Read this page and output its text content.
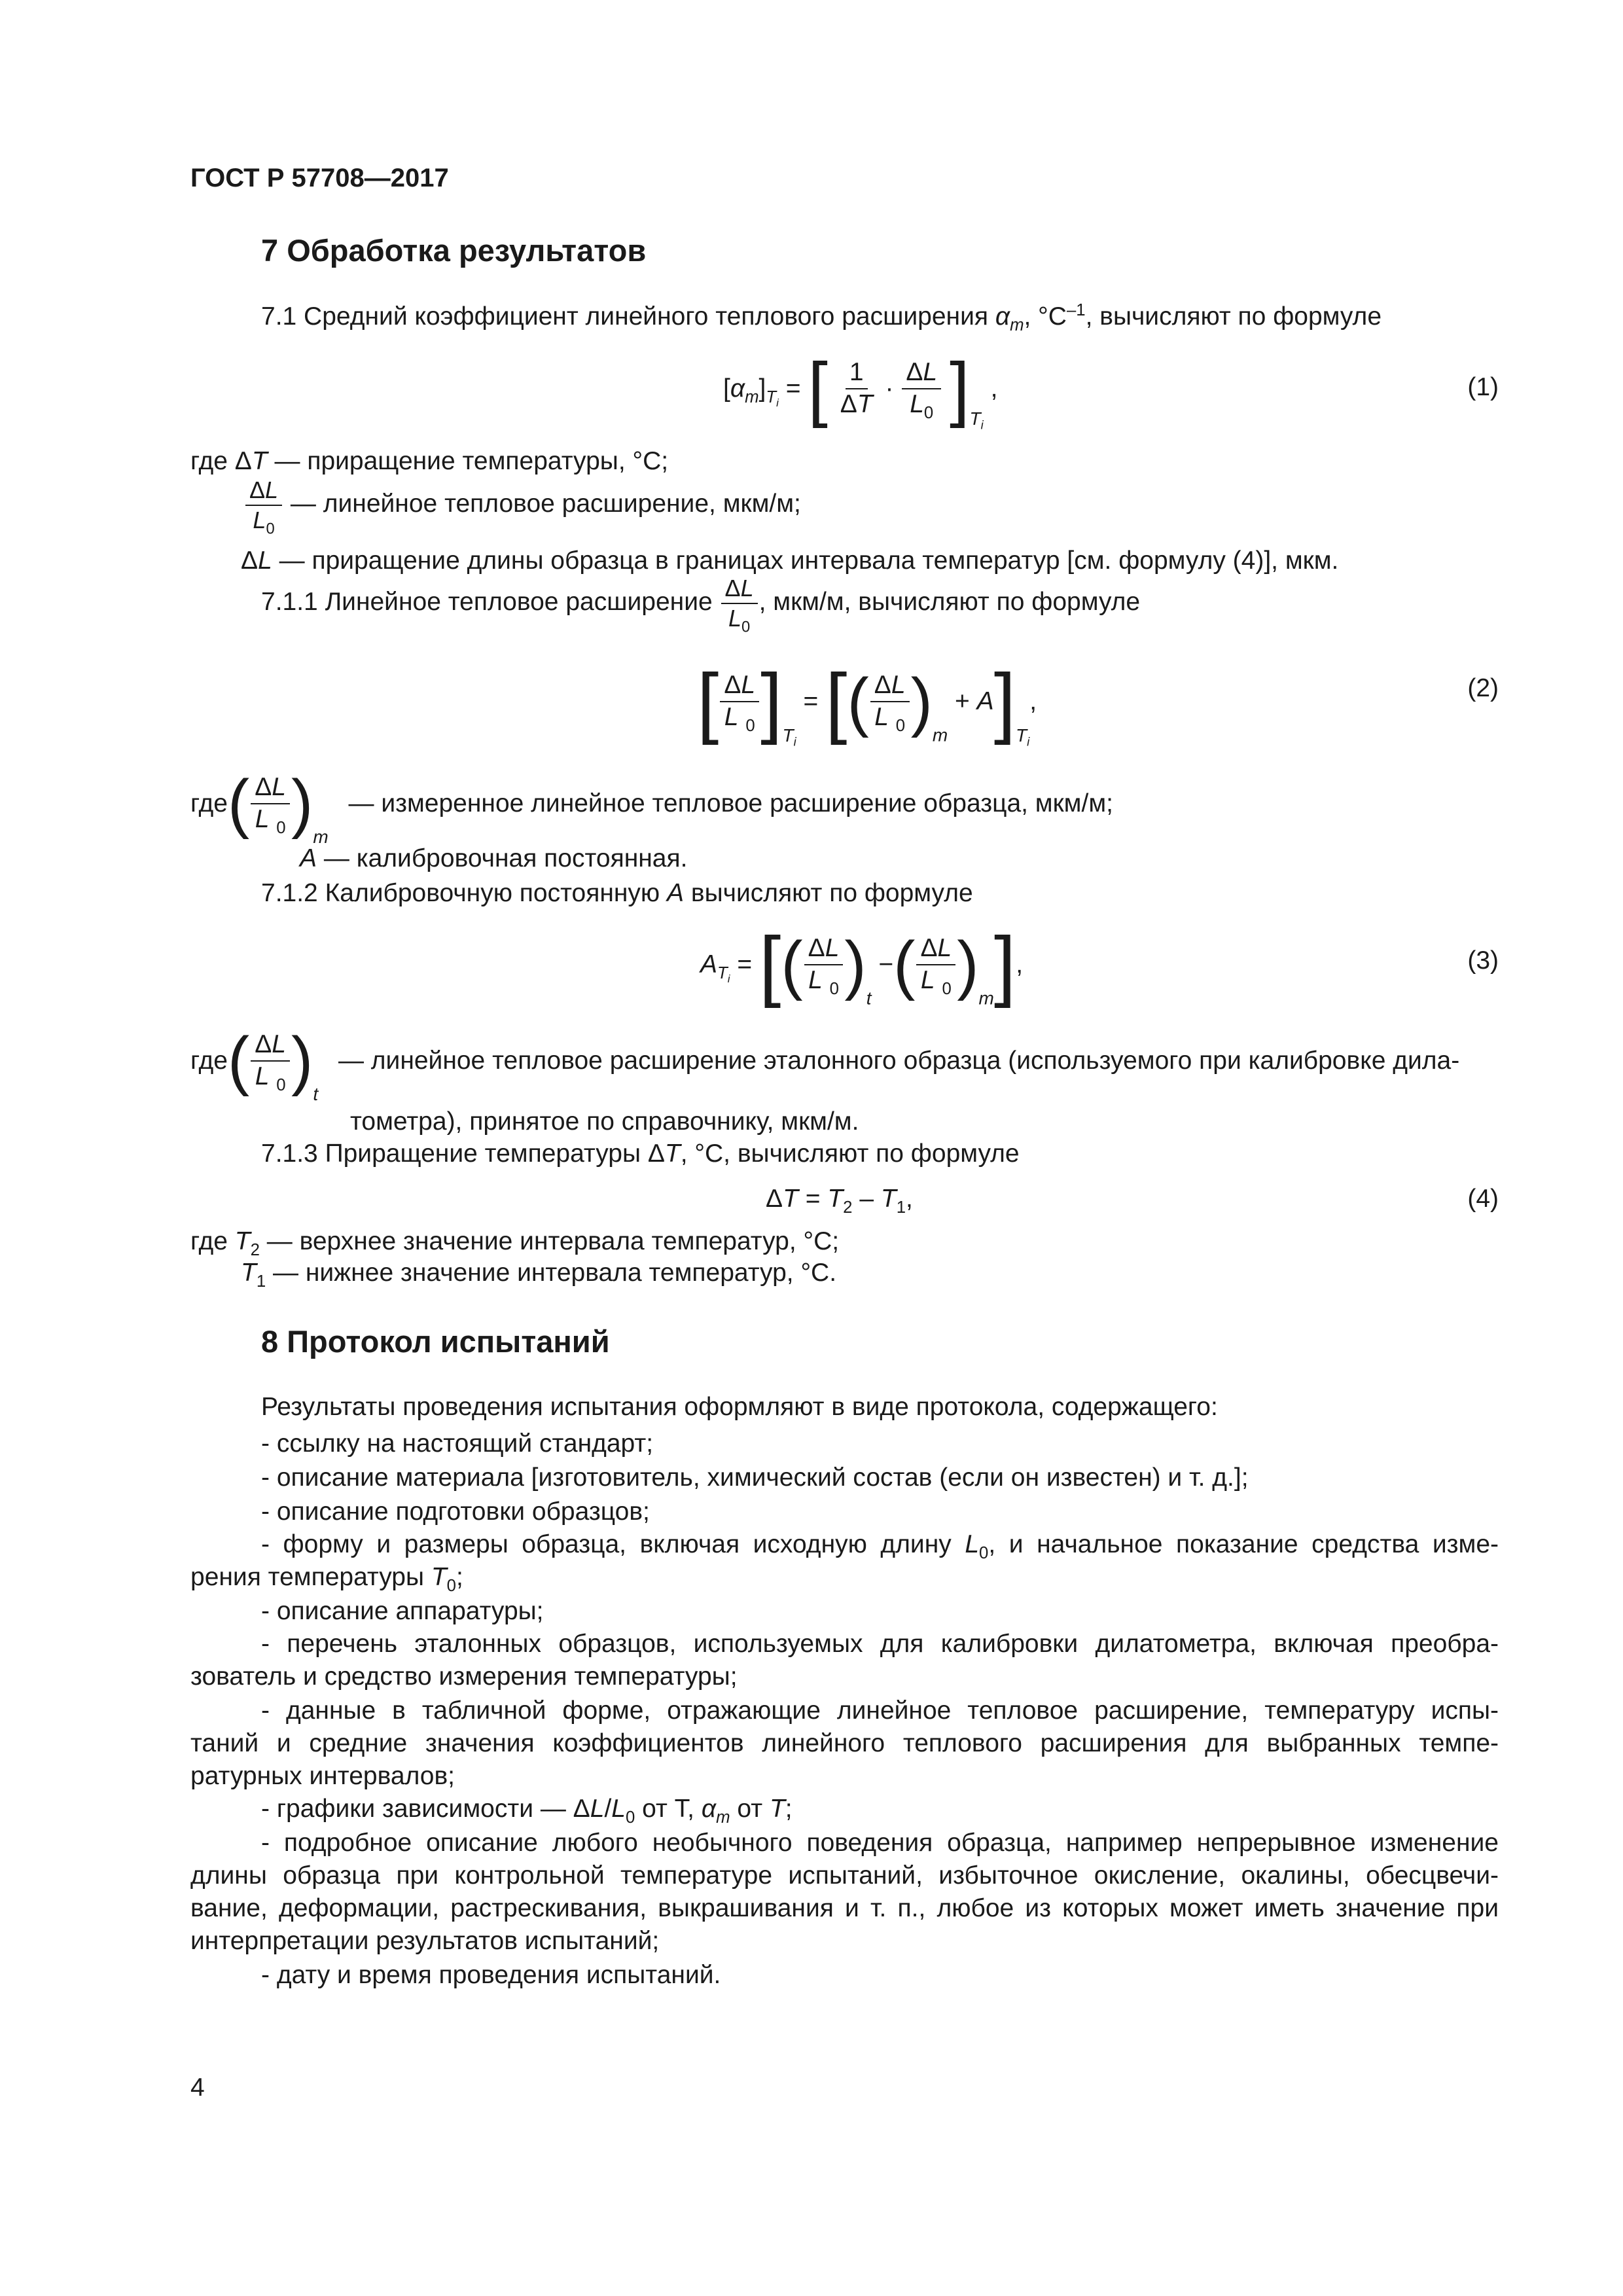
ГОСТ Р 57708—2017
7 Обработка результатов
7.1 Средний коэффициент линейного теплового расширения $\alpha_m$, $^\circ C^{-1}$, вычисляют по формуле
$[\alpha_m]_{T_i}$ = [ $\frac{1}{\Delta T} \cdot \frac{\Delta L}{L_0} ]_{T_i}$ ,	(1)
где ΔT — приращение температуры, °C;
$\frac{\Delta L}{L_0}$ — линейное тепловое расширение, мкм/м;
ΔL — приращение длины образца в границах интервала температур [см. формулу (4)], мкм.
7.1.1 Линейное тепловое расширение $\frac{\Delta L}{L_0}$ , мкм/м, вычисляют по формуле
[ $\frac{\Delta L}{L _0} ]_{T_i}$ = [( $\frac{\Delta L}{L _0} )_m + A]_{T_i}$,	(2)
$где( \frac{\Delta L}{L _0} )_m$ — измеренное линейное тепловое расширение образца, мкм/м;
A — калибровочная постоянная.
7.1.2 Калибровочную постоянную A вычисляют по формуле
$A_{T_i}$ = [( $\frac{\Delta L}{L _0} )_t$ −( $\frac{\Delta L}{L _0} )_m$],	(3)
$где( \frac{\Delta L}{L _0} )_t$ — линейное тепловое расширение эталонного образца (используемого при калибровке дила-
тометра), принятое по справочнику, мкм/м.
7.1.3 Приращение температуры ΔT, °C, вычисляют по формуле
$\Delta T = T_2 - T_1$,	(4)
где $T_2$ — верхнее значение интервала температур, °C;
$T_1$ — нижнее значение интервала температур, °C.
8 Протокол испытаний
Результаты проведения испытания оформляют в виде протокола, содержащего:
- ссылку на настоящий стандарт;
- описание материала [изготовитель, химический состав (если он известен) и т. д.];
- описание подготовки образцов;
- форму и размеры образца, включая исходную длину $L_0$, и начальное показание средства изме-
рения температуры $T_0$;
- описание аппаратуры;
- перечень эталонных образцов, используемых для калибровки дилатометра, включая преобра-
зователь и средство измерения температуры;
- данные в табличной форме, отражающие линейное тепловое расширение, температуру испы-
таний и средние значения коэффициентов линейного теплового расширения для выбранных темпе-
ратурных интервалов;
- графики зависимости — $\Delta L/L_0$ от T, $\alpha_m$ от T;
- подробное описание любого необычного поведения образца, например непрерывное изменение
длины образца при контрольной температуре испытаний, избыточное окисление, окалины, обесцвечи-
вание, деформации, растрескивания, выкрашивания и т. п., любое из которых может иметь значение при
интерпретации результатов испытаний;
- дату и время проведения испытаний.
4
